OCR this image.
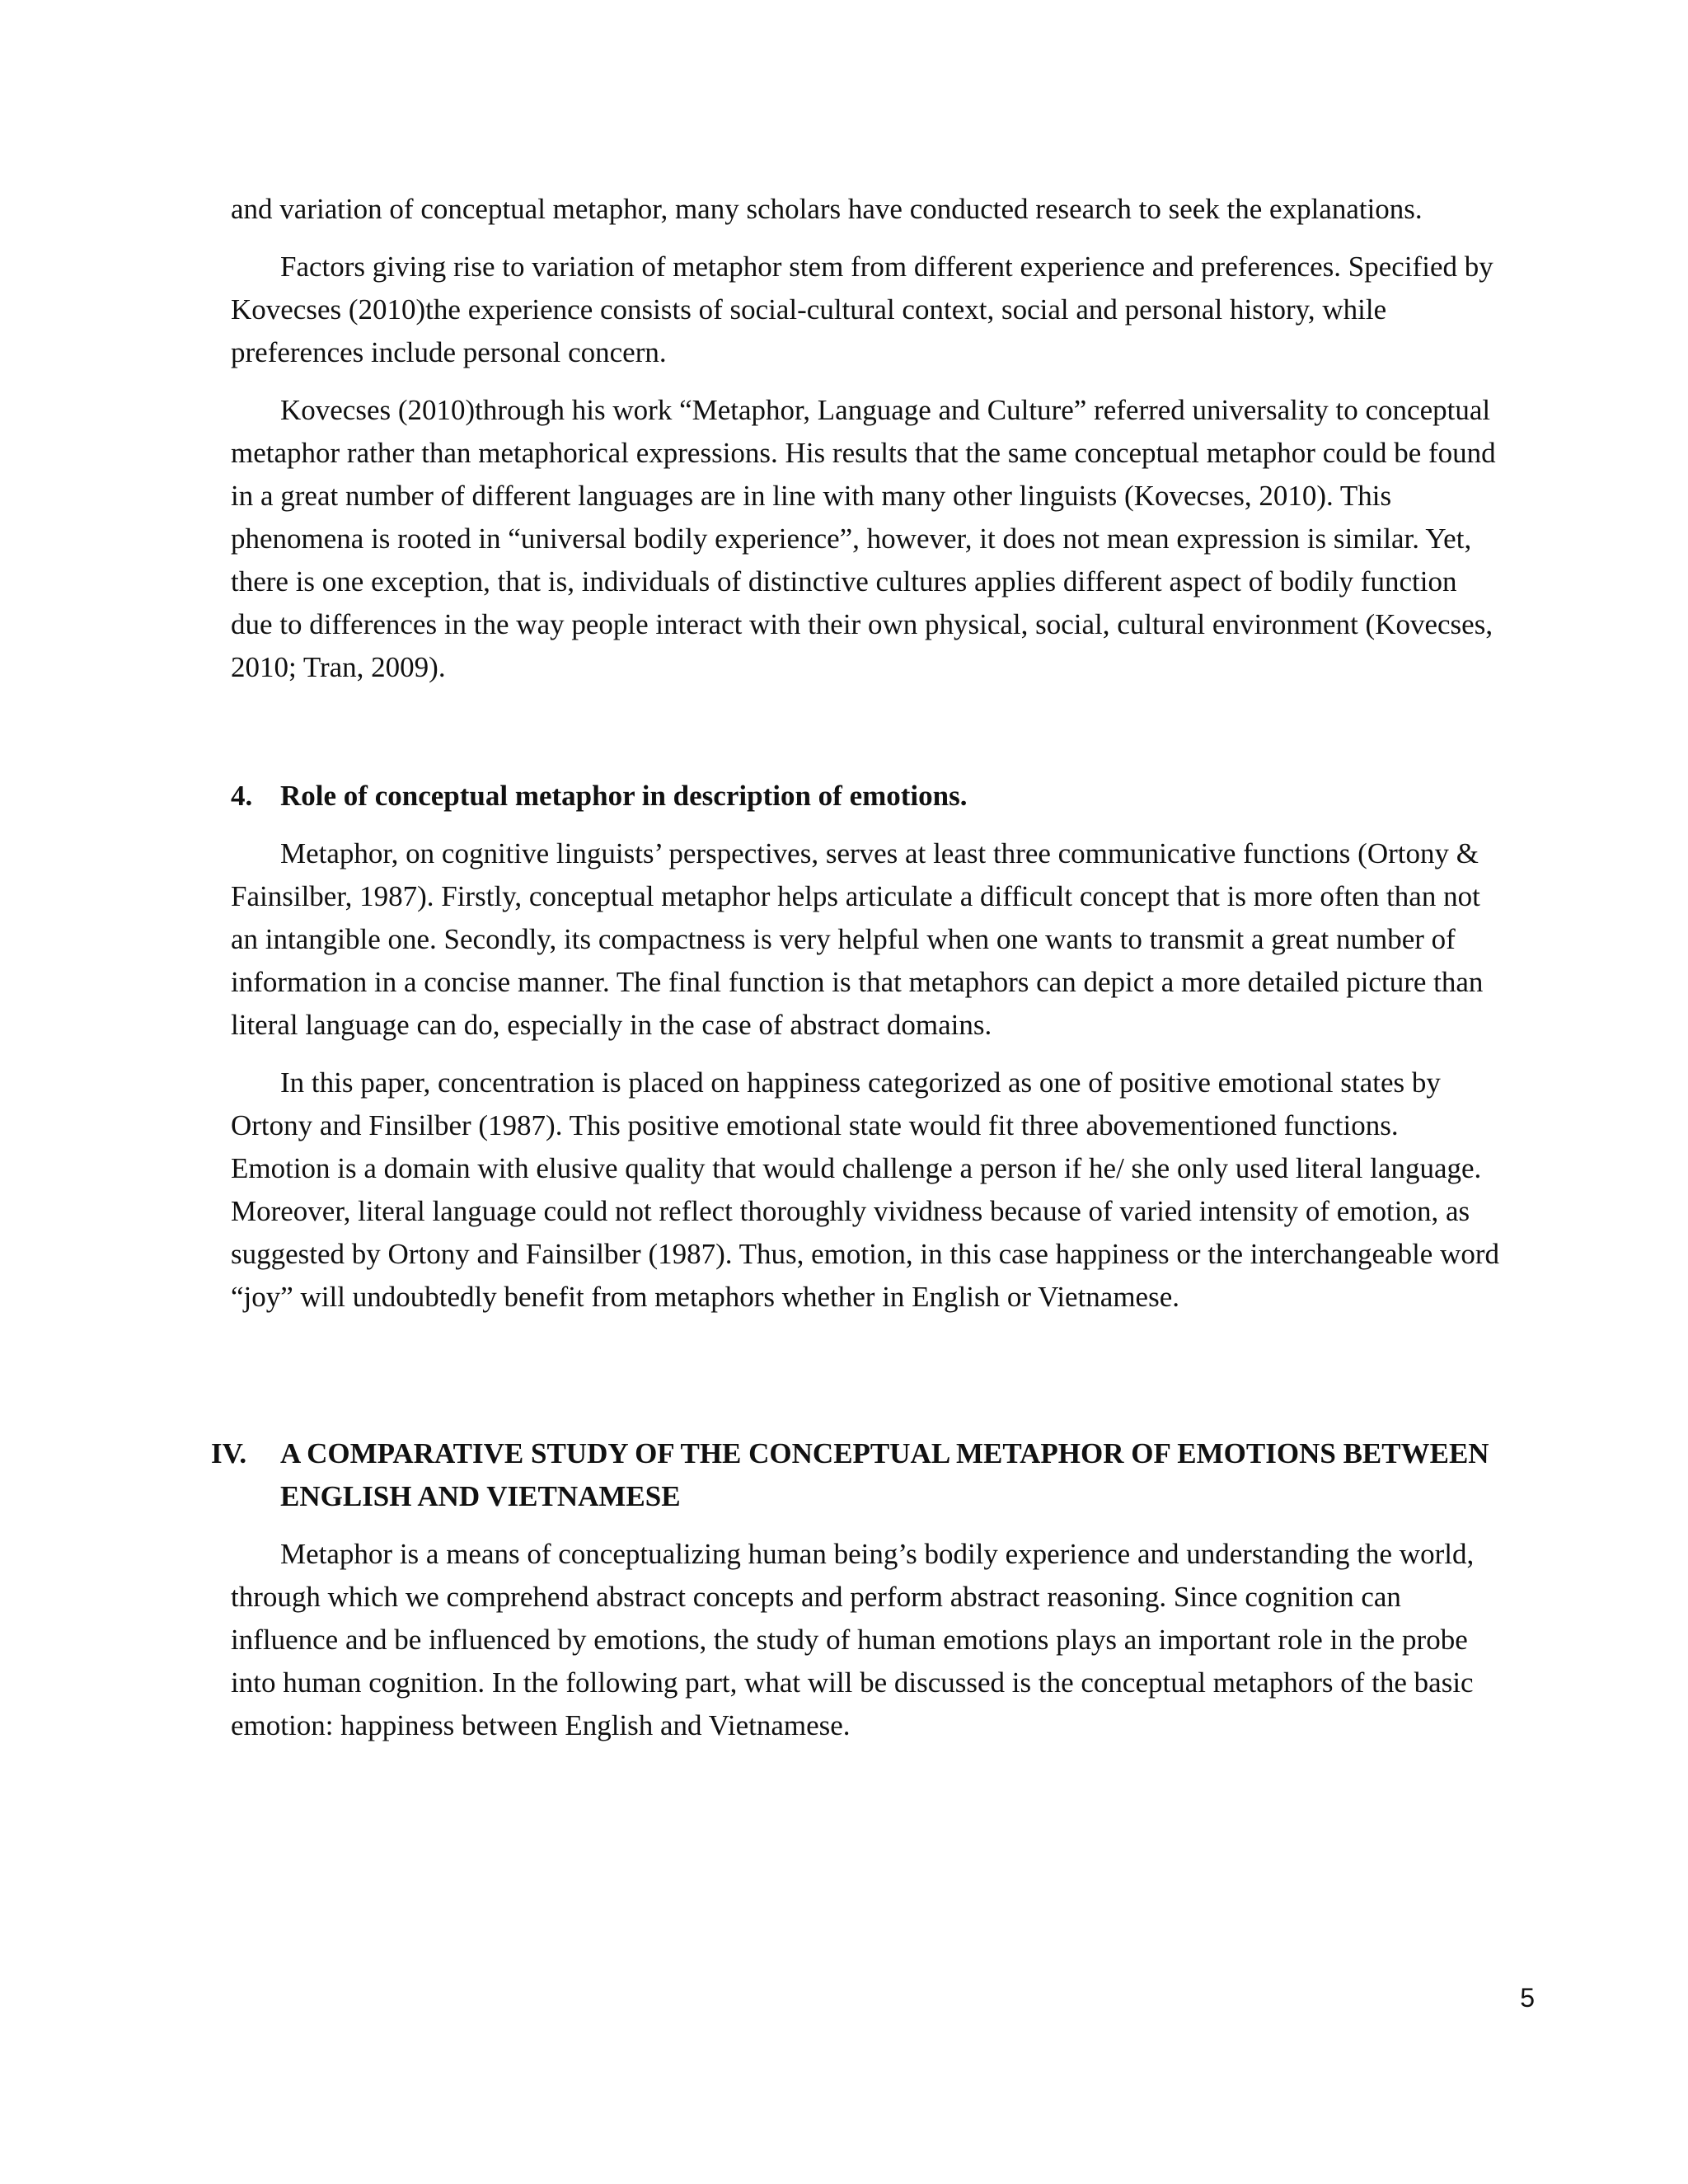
and variation of conceptual metaphor, many scholars have conducted research to seek the explanations.

Factors giving rise to variation of metaphor stem from different experience and preferences. Specified by Kovecses (2010)the experience consists of social-cultural context, social and personal history, while preferences include personal concern.

Kovecses (2010)through his work “Metaphor, Language and Culture” referred universality to conceptual metaphor rather than metaphorical expressions. His results that the same conceptual metaphor could be found in a great number of different languages are in line with many other linguists (Kovecses, 2010). This phenomena is rooted in “universal bodily experience”, however, it does not mean expression is similar. Yet, there is one exception, that is, individuals of distinctive cultures applies different aspect of bodily function due to differences in the way people interact with their own physical, social, cultural environment (Kovecses, 2010; Tran, 2009).

4. Role of conceptual metaphor in description of emotions.

Metaphor, on cognitive linguists’ perspectives, serves at least three communicative functions (Ortony & Fainsilber, 1987). Firstly, conceptual metaphor helps articulate a difficult concept that is more often than not an intangible one. Secondly, its compactness is very helpful when one wants to transmit a great number of information in a concise manner. The final function is that metaphors can depict a more detailed picture than literal language can do, especially in the case of abstract domains.

In this paper, concentration is placed on happiness categorized as one of positive emotional states by Ortony and Finsilber (1987). This positive emotional state would fit three abovementioned functions. Emotion is a domain with elusive quality that would challenge a person if he/ she only used literal language. Moreover, literal language could not reflect thoroughly vividness because of varied intensity of emotion, as suggested by Ortony and Fainsilber (1987). Thus, emotion, in this case happiness or the interchangeable word “joy” will undoubtedly benefit from metaphors whether in English or Vietnamese.

IV.	A COMPARATIVE STUDY OF THE CONCEPTUAL METAPHOR OF EMOTIONS BETWEEN ENGLISH AND VIETNAMESE

Metaphor is a means of conceptualizing human being’s bodily experience and understanding the world, through which we comprehend abstract concepts and perform abstract reasoning. Since cognition can influence and be influenced by emotions, the study of human emotions plays an important role in the probe into human cognition. In the following part, what will be discussed is the conceptual metaphors of the basic emotion: happiness between English and Vietnamese.

5
